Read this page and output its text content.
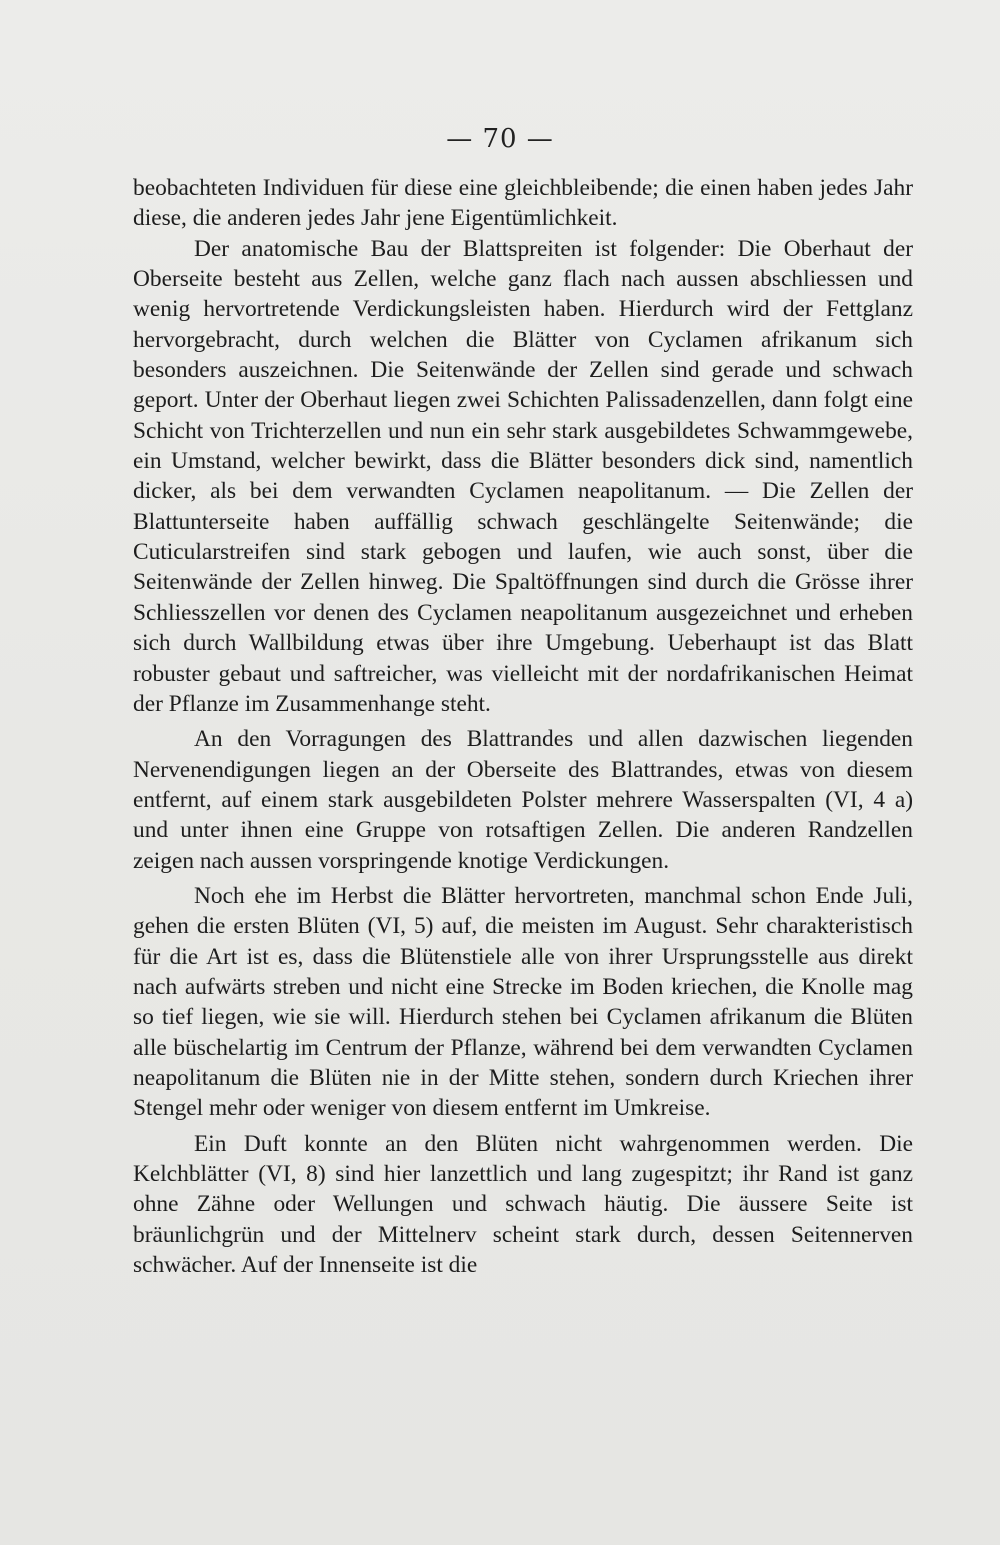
— 70 —

beobachteten Individuen für diese eine gleichbleibende; die einen haben jedes Jahr diese, die anderen jedes Jahr jene Eigentümlichkeit.

Der anatomische Bau der Blattspreiten ist folgender: Die Oberhaut der Oberseite besteht aus Zellen, welche ganz flach nach aussen abschliessen und wenig hervortretende Verdickungsleisten haben. Hierdurch wird der Fettglanz hervorgebracht, durch welchen die Blätter von Cyclamen afrikanum sich besonders auszeichnen. Die Seitenwände der Zellen sind gerade und schwach geport. Unter der Oberhaut liegen zwei Schichten Palissadenzellen, dann folgt eine Schicht von Trichterzellen und nun ein sehr stark ausgebildetes Schwammgewebe, ein Umstand, welcher bewirkt, dass die Blätter besonders dick sind, namentlich dicker, als bei dem verwandten Cyclamen neapolitanum. — Die Zellen der Blattunterseite haben auffällig schwach geschlängelte Seitenwände; die Cuticularstreifen sind stark gebogen und laufen, wie auch sonst, über die Seitenwände der Zellen hinweg. Die Spaltöffnungen sind durch die Grösse ihrer Schliesszellen vor denen des Cyclamen neapolitanum ausgezeichnet und erheben sich durch Wallbildung etwas über ihre Umgebung. Ueberhaupt ist das Blatt robuster gebaut und saftreicher, was vielleicht mit der nordafrikanischen Heimat der Pflanze im Zusammenhange steht.

An den Vorragungen des Blattrandes und allen dazwischen liegenden Nervenendigungen liegen an der Oberseite des Blattrandes, etwas von diesem entfernt, auf einem stark ausgebildeten Polster mehrere Wasserspalten (VI, 4 a) und unter ihnen eine Gruppe von rotsaftigen Zellen. Die anderen Randzellen zeigen nach aussen vorspringende knotige Verdickungen.

Noch ehe im Herbst die Blätter hervortreten, manchmal schon Ende Juli, gehen die ersten Blüten (VI, 5) auf, die meisten im August. Sehr charakteristisch für die Art ist es, dass die Blütenstiele alle von ihrer Ursprungsstelle aus direkt nach aufwärts streben und nicht eine Strecke im Boden kriechen, die Knolle mag so tief liegen, wie sie will. Hierdurch stehen bei Cyclamen afrikanum die Blüten alle büschelartig im Centrum der Pflanze, während bei dem verwandten Cyclamen neapolitanum die Blüten nie in der Mitte stehen, sondern durch Kriechen ihrer Stengel mehr oder weniger von diesem entfernt im Umkreise.

Ein Duft konnte an den Blüten nicht wahrgenommen werden. Die Kelchblätter (VI, 8) sind hier lanzettlich und lang zugespitzt; ihr Rand ist ganz ohne Zähne oder Wellungen und schwach häutig. Die äussere Seite ist bräunlichgrün und der Mittelnerv scheint stark durch, dessen Seitennerven schwächer. Auf der Innenseite ist die
